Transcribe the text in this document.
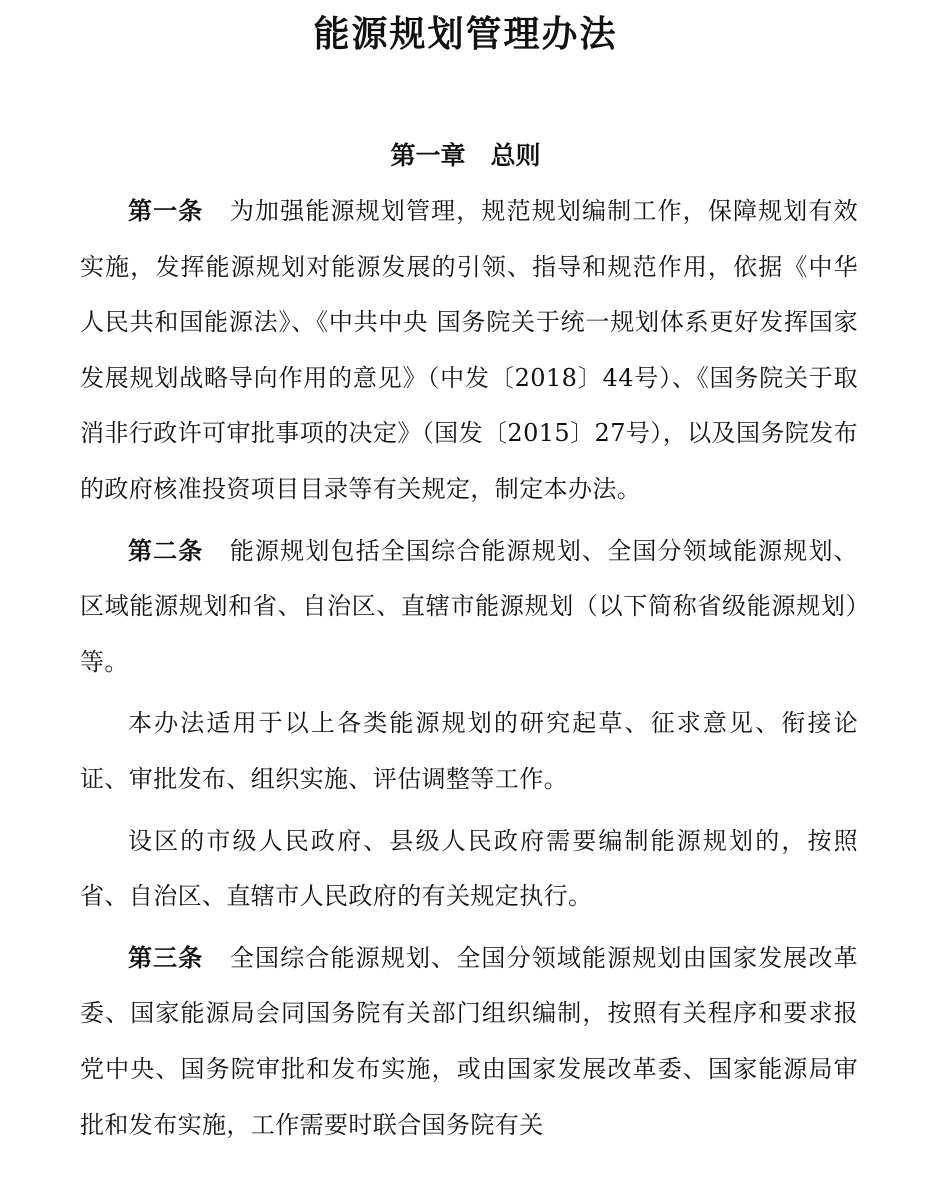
能源规划管理办法
第一章　总则

第一条 为加强能源规划管理，规范规划编制工作，保障规划有效实施，发挥能源规划对能源发展的引领、指导和规范作用，依据《中华人民共和国能源法》、《中共中央 国务院关于统一规划体系更好发挥国家发展规划战略导向作用的意见》（中发〔2018〕44号）、《国务院关于取消非行政许可审批事项的决定》（国发〔2015〕27号），以及国务院发布的政府核准投资项目目录等有关规定，制定本办法。

第二条 能源规划包括全国综合能源规划、全国分领域能源规划、区域能源规划和省、自治区、直辖市能源规划（以下简称省级能源规划）等。

本办法适用于以上各类能源规划的研究起草、征求意见、衔接论证、审批发布、组织实施、评估调整等工作。

设区的市级人民政府、县级人民政府需要编制能源规划的，按照省、自治区、直辖市人民政府的有关规定执行。

第三条 全国综合能源规划、全国分领域能源规划由国家发展改革委、国家能源局会同国务院有关部门组织编制，按照有关程序和要求报党中央、国务院审批和发布实施，或由国家发展改革委、国家能源局审批和发布实施，工作需要时联合国务院有关
